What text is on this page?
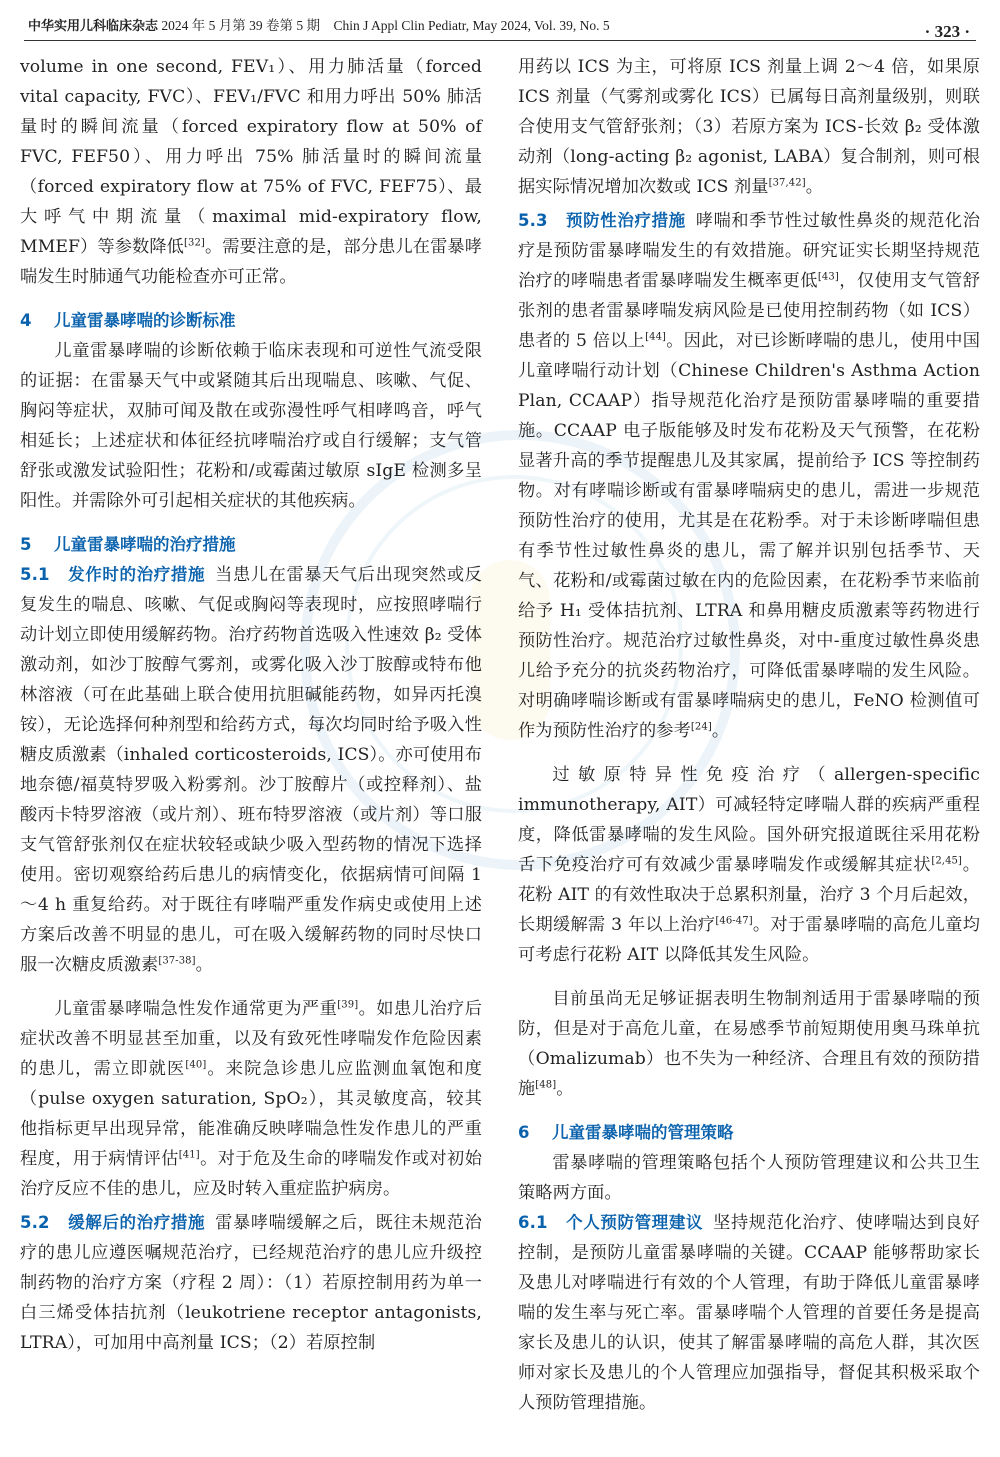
中华实用儿科临床杂志 2024 年 5 月第 39 卷第 5 期 Chin J Appl Clin Pediatr, May 2024, Vol. 39, No. 5	· 323 ·

volume in one second, FEV₁）、用力肺活量（forced vital capacity, FVC）、FEV₁/FVC 和用力呼出 50% 肺活量时的瞬间流量（forced expiratory flow at 50% of FVC, FEF50）、用力呼出 75% 肺活量时的瞬间流量（forced expiratory flow at 75% of FVC, FEF75）、最大呼气中期流量（maximal mid-expiratory flow, MMEF）等参数降低[32]。需要注意的是，部分患儿在雷暴哮喘发生时肺通气功能检查亦可正常。

4 儿童雷暴哮喘的诊断标准

儿童雷暴哮喘的诊断依赖于临床表现和可逆性气流受限的证据：在雷暴天气中或紧随其后出现喘息、咳嗽、气促、胸闷等症状，双肺可闻及散在或弥漫性呼气相哮鸣音，呼气相延长；上述症状和体征经抗哮喘治疗或自行缓解；支气管舒张或激发试验阳性；花粉和/或霉菌过敏原 sIgE 检测多呈阳性。并需除外可引起相关症状的其他疾病。

5 儿童雷暴哮喘的治疗措施

5.1 发作时的治疗措施 当患儿在雷暴天气后出现突然或反复发生的喘息、咳嗽、气促或胸闷等表现时，应按照哮喘行动计划立即使用缓解药物。治疗药物首选吸入性速效 β₂ 受体激动剂，如沙丁胺醇气雾剂，或雾化吸入沙丁胺醇或特布他林溶液（可在此基础上联合使用抗胆碱能药物，如异丙托溴铵），无论选择何种剂型和给药方式，每次均同时给予吸入性糖皮质激素（inhaled corticosteroids, ICS）。亦可使用布地奈德/福莫特罗吸入粉雾剂。沙丁胺醇片（或控释剂）、盐酸丙卡特罗溶液（或片剂）、班布特罗溶液（或片剂）等口服支气管舒张剂仅在症状较轻或缺少吸入型药物的情况下选择使用。密切观察给药后患儿的病情变化，依据病情可间隔 1～4 h 重复给药。对于既往有哮喘严重发作病史或使用上述方案后改善不明显的患儿，可在吸入缓解药物的同时尽快口服一次糖皮质激素[37-38]。

儿童雷暴哮喘急性发作通常更为严重[39]。如患儿治疗后症状改善不明显甚至加重，以及有致死性哮喘发作危险因素的患儿，需立即就医[40]。来院急诊患儿应监测血氧饱和度（pulse oxygen saturation, SpO₂），其灵敏度高，较其他指标更早出现异常，能准确反映哮喘急性发作患儿的严重程度，用于病情评估[41]。对于危及生命的哮喘发作或对初始治疗反应不佳的患儿，应及时转入重症监护病房。

5.2 缓解后的治疗措施 雷暴哮喘缓解之后，既往未规范治疗的患儿应遵医嘱规范治疗，已经规范治疗的患儿应升级控制药物的治疗方案（疗程 2 周）：（1）若原控制用药为单一白三烯受体拮抗剂（leukotriene receptor antagonists, LTRA），可加用中高剂量 ICS；（2）若原控制

用药以 ICS 为主，可将原 ICS 剂量上调 2～4 倍，如果原 ICS 剂量（气雾剂或雾化 ICS）已属每日高剂量级别，则联合使用支气管舒张剂；（3）若原方案为 ICS-长效 β₂ 受体激动剂（long-acting β₂ agonist, LABA）复合制剂，则可根据实际情况增加次数或 ICS 剂量[37,42]。

5.3 预防性治疗措施 哮喘和季节性过敏性鼻炎的规范化治疗是预防雷暴哮喘发生的有效措施。研究证实长期坚持规范治疗的哮喘患者雷暴哮喘发生概率更低[43]，仅使用支气管舒张剂的患者雷暴哮喘发病风险是已使用控制药物（如 ICS）患者的 5 倍以上[44]。因此，对已诊断哮喘的患儿，使用中国儿童哮喘行动计划（Chinese Children's Asthma Action Plan, CCAAP）指导规范化治疗是预防雷暴哮喘的重要措施。CCAAP 电子版能够及时发布花粉及天气预警，在花粉显著升高的季节提醒患儿及其家属，提前给予 ICS 等控制药物。对有哮喘诊断或有雷暴哮喘病史的患儿，需进一步规范预防性治疗的使用，尤其是在花粉季。对于未诊断哮喘但患有季节性过敏性鼻炎的患儿，需了解并识别包括季节、天气、花粉和/或霉菌过敏在内的危险因素，在花粉季节来临前给予 H₁ 受体拮抗剂、LTRA 和鼻用糖皮质激素等药物进行预防性治疗。规范治疗过敏性鼻炎，对中-重度过敏性鼻炎患儿给予充分的抗炎药物治疗，可降低雷暴哮喘的发生风险。对明确哮喘诊断或有雷暴哮喘病史的患儿，FeNO 检测值可作为预防性治疗的参考[24]。

过敏原特异性免疫治疗（allergen-specific immunotherapy, AIT）可减轻特定哮喘人群的疾病严重程度，降低雷暴哮喘的发生风险。国外研究报道既往采用花粉舌下免疫治疗可有效减少雷暴哮喘发作或缓解其症状[2,45]。花粉 AIT 的有效性取决于总累积剂量，治疗 3 个月后起效，长期缓解需 3 年以上治疗[46-47]。对于雷暴哮喘的高危儿童均可考虑行花粉 AIT 以降低其发生风险。

目前虽尚无足够证据表明生物制剂适用于雷暴哮喘的预防，但是对于高危儿童，在易感季节前短期使用奥马珠单抗（Omalizumab）也不失为一种经济、合理且有效的预防措施[48]。

6 儿童雷暴哮喘的管理策略

雷暴哮喘的管理策略包括个人预防管理建议和公共卫生策略两方面。

6.1 个人预防管理建议 坚持规范化治疗、使哮喘达到良好控制，是预防儿童雷暴哮喘的关键。CCAAP 能够帮助家长及患儿对哮喘进行有效的个人管理，有助于降低儿童雷暴哮喘的发生率与死亡率。雷暴哮喘个人管理的首要任务是提高家长及患儿的认识，使其了解雷暴哮喘的高危人群，其次医师对家长及患儿的个人管理应加强指导，督促其积极采取个人预防管理措施。
